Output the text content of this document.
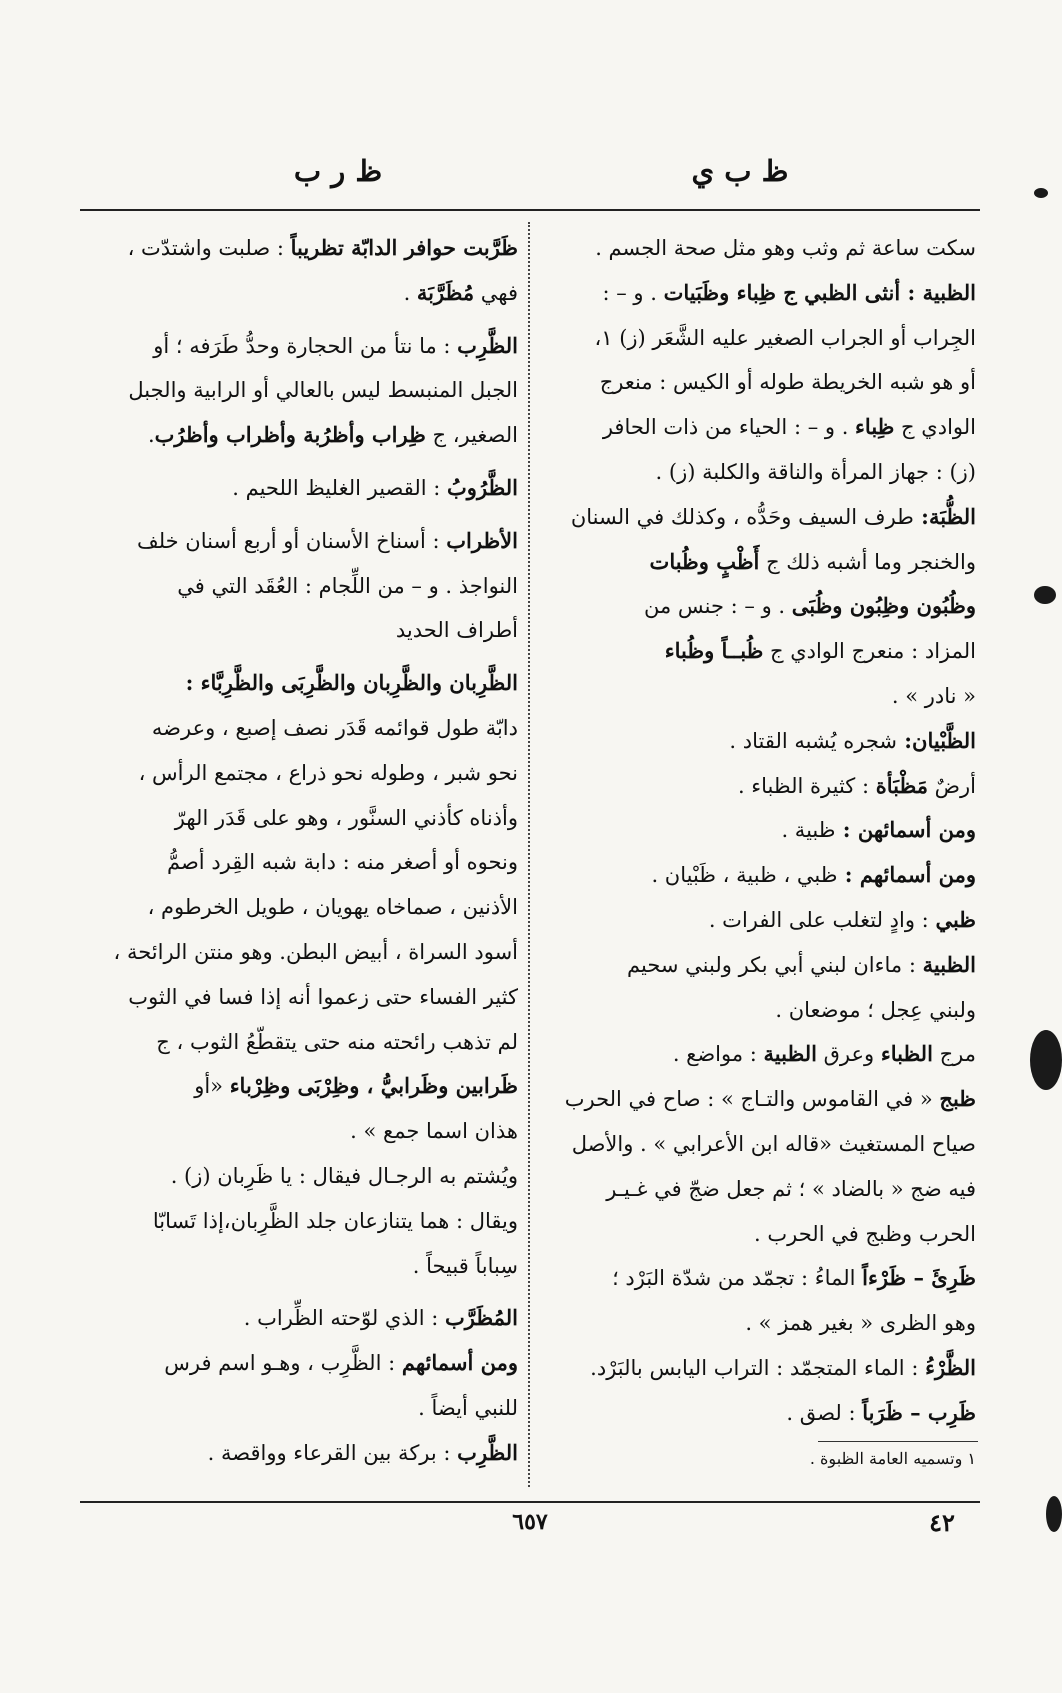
ظ ب ي
ظ ر ب
سكت ساعة ثم وثب وهو مثل صحة الجسم .
الظبية : أنثى الظبي ج ظِباء وظَبَيات . و – :
الجِراب أو الجراب الصغير عليه الشَّعَر (ز) ١،
أو هو شبه الخريطة طوله أو الكيس : منعرج
الوادي ج ظِباء . و – : الحياء من ذات الحافر
(ز) : جهاز المرأة والناقة والكلبة (ز) .
الظُّبَة: طرف السيف وحَدُّه ، وكذلك في السنان
والخنجر وما أشبه ذلك ج أَظْبٍ وظُبات
وظُبُون وظِبُون وظُبَى . و – : جنس من
المزاد : منعرج الوادي ج ظُبــاً وظُباء
« نادر » .
الظَّبْيان: شجره يُشبه القتاد .
أرضٌ مَظْبَأة : كثيرة الظباء .
ومن أسمائهن : ظبية .
ومن أسمائهم : ظبي ، ظبية ، ظَبْيان .
ظبي : وادٍ لتغلب على الفرات .
الظبية : ماءان لبني أبي بكر ولبني سحيم
ولبني عِجل ؛ موضعان .
مرج الظباء وعرق الظبية : مواضع .
ظبج « في القاموس والتـاج » : صاح في الحرب
صياح المستغيث «قاله ابن الأعرابي » . والأصل
فيه ضج « بالضاد » ؛ ثم جعل ضجّ في غـيـر
الحرب وظبج في الحرب .
ظَرِئَ – ظَرْءاً الماءُ : تجمّد من شدّة البَرْد ؛
وهو الظرى « بغير همز » .
الظَّرْءُ : الماء المتجمّد : التراب اليابس بالبَرْد.
ظَرِب – ظَرَباً : لصق .
ظَرَّبت حوافر الدابّة تظريباً : صلبت واشتدّت ،
فهي مُظَرَّبَة .
الظَّرِب : ما نتأ من الحجارة وحدُّ طَرَفه ؛ أو
الجبل المنبسط ليس بالعالي أو الرابية والجبل
الصغير، ج ظِراب وأظرُبة وأظراب وأظرُب.
الظَّرُوبُ : القصير الغليظ اللحيم .
الأظراب : أسناخ الأسنان أو أربع أسنان خلف
النواجذ . و – من اللِّجام : العُقَد التي في
أطراف الحديد
الظَّرِبان والظَّرِبان والظَّرِبَى والظَّرِبَّاء :
دابّة طول قوائمه قَدَر نصف إصبع ، وعرضه
نحو شبر ، وطوله نحو ذراع ، مجتمع الرأس ،
وأذناه كأذني السنَّور ، وهو على قَدَر الهرّ
ونحوه أو أصغر منه : دابة شبه القِرد أصمُّ
الأذنين ، صماخاه يهويان ، طويل الخرطوم ،
أسود السراة ، أبيض البطن. وهو منتن الرائحة ،
كثير الفساء حتى زعموا أنه إذا فسا في الثوب
لم تذهب رائحته منه حتى يتقطّعُ الثوب ، ج
ظَرابين وظَرابيُّ ، وظِرْبَى وظِرْباء «أو
هذان اسما جمع » .
ويُشتم به الرجـال فيقال : يا ظَرِبان (ز) .
ويقال : هما يتنازعان جلد الظَّرِبان،إذا تَسابّا
سِباباً قبيحاً .
المُظَرَّب : الذي لوّحته الظِّراب .
ومن أسمائهم : الظَّرِب ، وهـو اسم فرس
للنبي أيضاً .
الظَّرِب : بركة بين القرعاء وواقصة .	١ وتسميه العامة الظبوة .
٦٥٧	٤٢
